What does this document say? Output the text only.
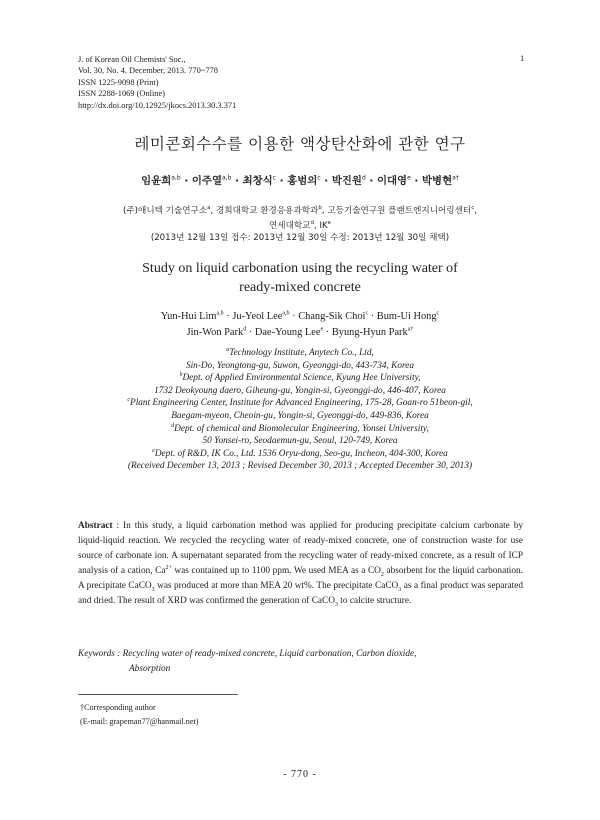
J. of Korean Oil Chemists' Soc.,
Vol. 30, No. 4. December, 2013. 770~778
ISSN 1225-9098 (Print)
ISSN 2288-1069 (Online)
http://dx.doi.org/10.12925/jkocs.2013.30.3.371
1
레미콘회수수를 이용한 액상탄산화에 관한 연구
임윤희$^{a,b}$ · 이주열$^{a,b}$ · 최창식$^c$ · 홍범의$^c$ · 박진원$^d$ · 이대영$^e$ · 박병현$^{a\dagger}$
(주)애니텍 기술연구소$^a$, 경희대학교 환경응용과학과$^b$, 고등기술연구원 플랜트엔지니어링센터$^c$,
연세대학교$^d$, $IK^e$
(2013년 12월 13일 접수: 2013년 12월 30일 수정: 2013년 12월 30일 채택)
Study on liquid carbonation using the recycling water of
ready-mixed concrete
Yun-Hui Lim$^{a,b}$ · Ju-Yeol Lee$^{a,b}$ · Chang-Sik Choi$^c$ · Bum-Ui Hong$^c$
Jin-Won Park$^d$ · Dae-Young Lee$^e$ · Byung-Hyun Park$^{a\dagger}$
$^a$Technology Institute, Anytech Co., Ltd,
Sin-Do, Yeongtong-gu, Suwon, Gyeonggi-do, 443-734, Korea
$^b$Dept. of Applied Environmental Science, Kyung Hee University,
1732 Deokyoung daero, Giheung-gu, Yongin-si, Gyeonggi-do, 446-407, Korea
$^c$Plant Engineering Center, Institute for Advanced Engineering, 175-28, Goan-ro 51beon-gil,
Baegam-myeon, Cheoin-gu, Yongin-si, Gyeonggi-do, 449-836, Korea
$^d$Dept. of chemical and Biomolecular Engineering, Yonsei University,
50 Yonsei-ro, Seodaemun-gu, Seoul, 120-749, Korea
$^e$Dept. of R&D, IK Co., Ltd. 1536 Oryu-dong, Seo-gu, Incheon, 404-300, Korea
(Received December 13, 2013 ; Revised December 30, 2013 ; Accepted December 30, 2013)
Abstract : In this study, a liquid carbonation method was applied for producing precipitate calcium carbonate by liquid-liquid reaction. We recycled the recycling water of ready-mixed concrete, one of construction waste for use source of carbonate ion. A supernatant separated from the recycling water of ready-mixed concrete, as a result of ICP analysis of a cation, $Ca^{2+}$ was contained up to 1100 ppm. We used MEA as a $CO_2$ absorbent for the liquid carbonation. A precipitate CaCO$_3$ was produced at more than MEA 20 wt%. The precipitate CaCO$_3$ as a final product was separated and dried. The result of XRD was confirmed the generation of CaCO$_3$ to calcite structure.
Keywords : Recycling water of ready-mixed concrete, Liquid carbonation, Carbon dioxide,
Absorption
†Corresponding author
(E-mail: grapeman77@hanmail.net)
- 770 -
